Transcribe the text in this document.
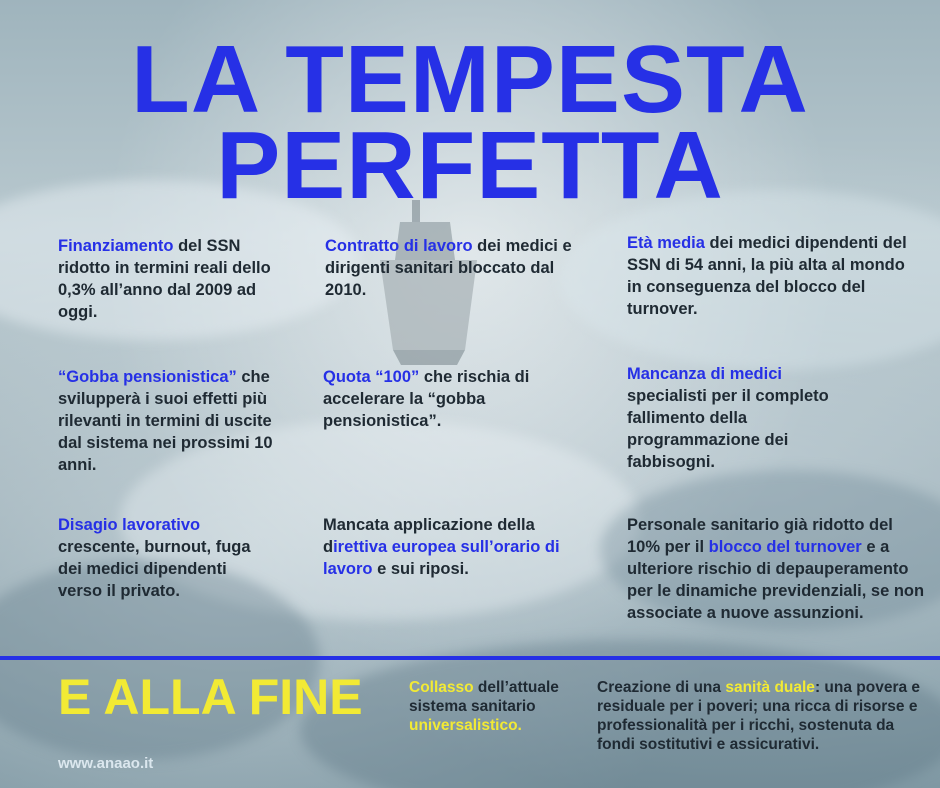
LA TEMPESTA
PERFETTA
Finanziamento del SSN ridotto in termini reali dello 0,3% all’anno dal 2009 ad oggi.
Contratto di lavoro dei medici e dirigenti sanitari bloccato dal 2010.
Età media dei medici dipendenti del SSN di 54 anni, la più alta al mondo in conseguenza del blocco del turnover.
“Gobba pensionistica” che svilupperà i suoi effetti più rilevanti in termini di uscite dal sistema nei prossimi 10 anni.
Quota “100” che rischia di accelerare la “gobba pensionistica”.
Mancanza di medici specialisti per il completo fallimento della programmazione dei fabbisogni.
Disagio lavorativo crescente, burnout, fuga dei medici dipendenti verso il privato.
Mancata applicazione della direttiva europea sull’orario di lavoro e sui riposi.
Personale sanitario già ridotto del 10% per il blocco del turnover e a ulteriore rischio di depauperamento per le dinamiche previdenziali, se non associate a nuove assunzioni.
E ALLA FINE	Collasso dell’attuale sistema sanitario universalistico.
Creazione di una sanità duale: una povera e residuale per i poveri; una ricca di risorse e professionalità per i ricchi, sostenuta da fondi sostitutivi e assicurativi.
www.anaao.it
